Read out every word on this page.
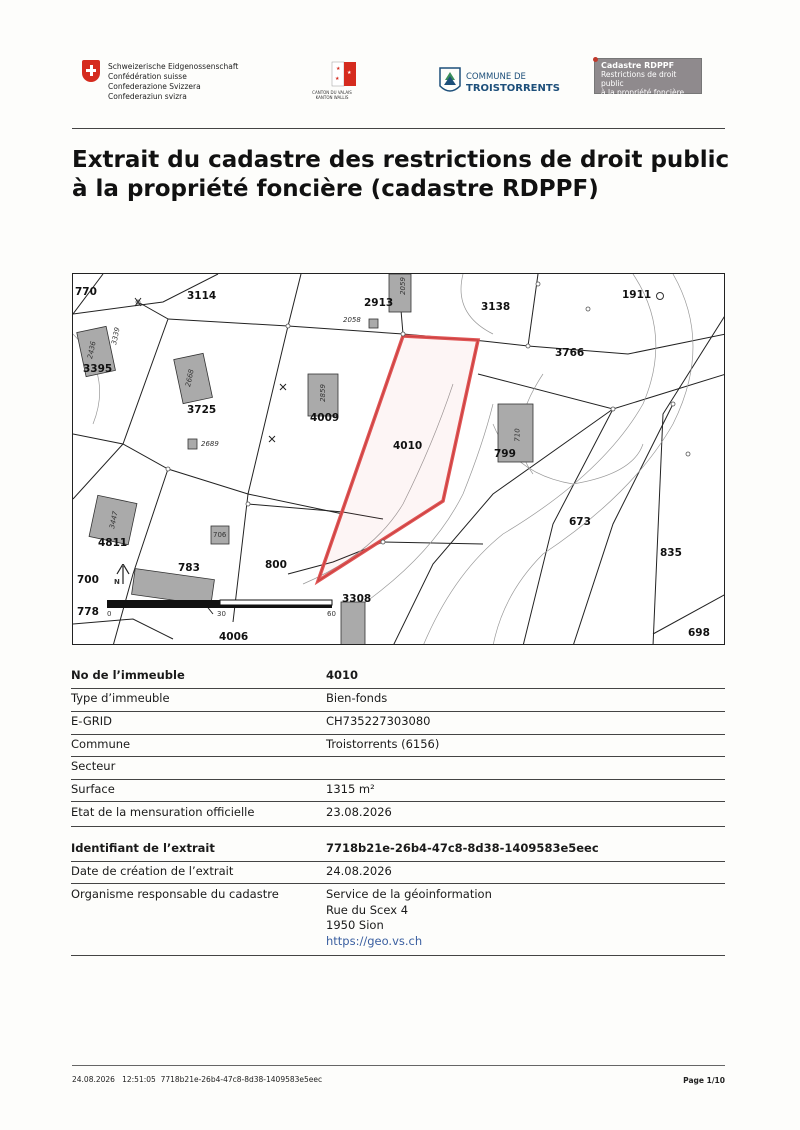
Schweizerische Eidgenossenschaft
Confédération suisse
Confederazione Svizzera
Confederaziun svizra
★
★
★
CANTON DU VALAIS
KANTON WALLIS
COMMUNE DE
TROISTORRENTS
Cadastre RDPPF
Restrictions de droit public
à la propriété foncière
Extrait du cadastre des restrictions de droit public à la propriété foncière (cadastre RDPPF)
770	3114
2913	3138
1911
3395
3766
3725
4009
4010
799
673
4811
835
783	800
706
700
778
3308
4006	698
2059
2058
2436
3339
2668
2689
2859
710
3447
N
0	30	60
No de l’immeuble	4010
Type d’immeuble	Bien-fonds
E-GRID	CH735227303080
Commune	Troistorrents (6156)
Secteur
Surface	1315 m²
Etat de la mensuration officielle	23.08.2026
Identifiant de l’extrait	7718b21e-26b4-47c8-8d38-1409583e5eec
Date de création de l’extrait	24.08.2026
Organisme responsable du cadastre	Service de la géoinformation
Rue du Scex 4
1950 Sion
https://geo.vs.ch
24.08.2026 12:51:05 7718b21e-26b4-47c8-8d38-1409583e5eec	Page 1/10
